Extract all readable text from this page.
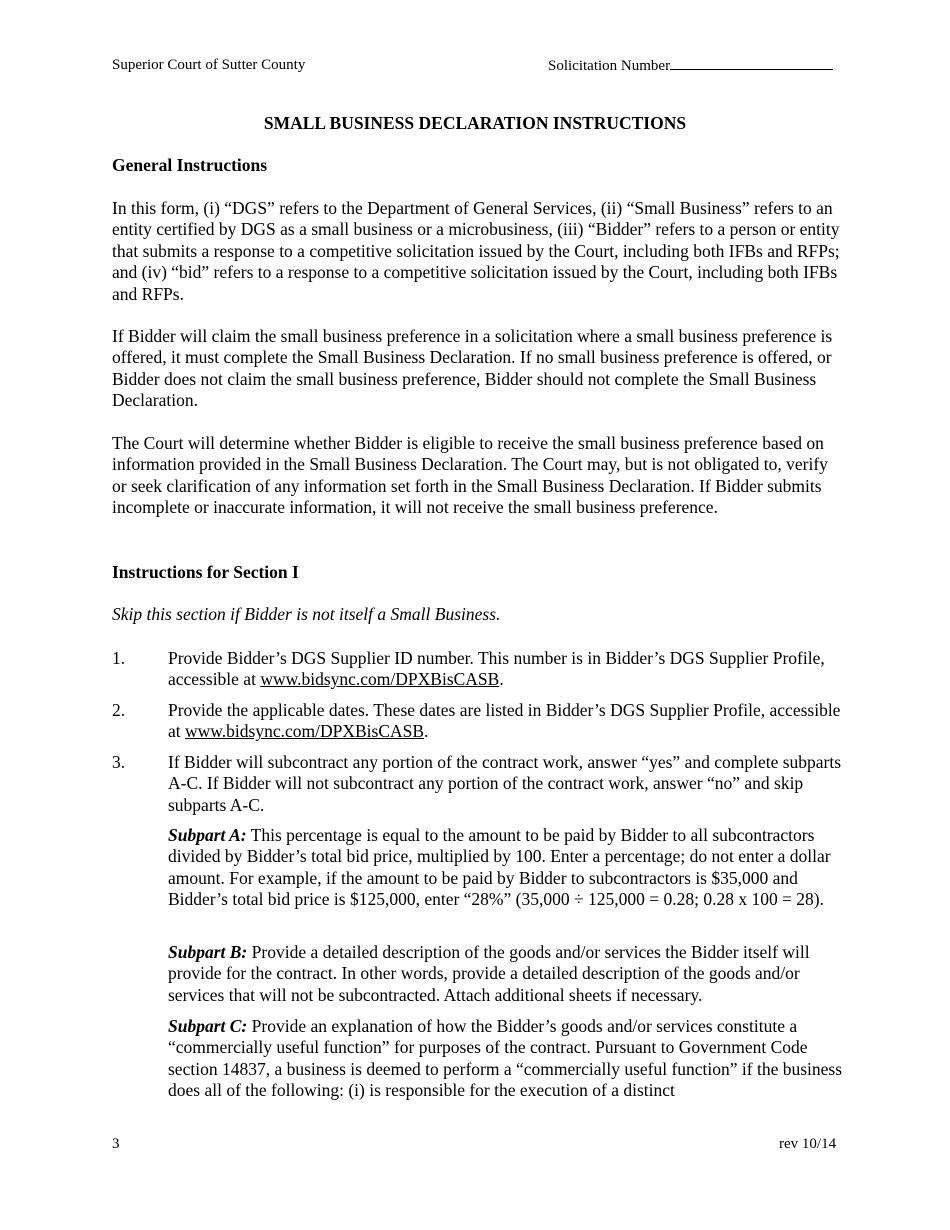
Superior Court of Sutter County	Solicitation Number
SMALL BUSINESS DECLARATION INSTRUCTIONS
General Instructions
In this form, (i) “DGS” refers to the Department of General Services, (ii) “Small Business” refers to an entity certified by DGS as a small business or a microbusiness, (iii) “Bidder” refers to a person or entity that submits a response to a competitive solicitation issued by the Court, including both IFBs and RFPs; and (iv) “bid” refers to a response to a competitive solicitation issued by the Court, including both IFBs and RFPs.
If Bidder will claim the small business preference in a solicitation where a small business preference is offered, it must complete the Small Business Declaration. If no small business preference is offered, or Bidder does not claim the small business preference, Bidder should not complete the Small Business Declaration.
The Court will determine whether Bidder is eligible to receive the small business preference based on information provided in the Small Business Declaration. The Court may, but is not obligated to, verify or seek clarification of any information set forth in the Small Business Declaration. If Bidder submits incomplete or inaccurate information, it will not receive the small business preference.
Instructions for Section I
Skip this section if Bidder is not itself a Small Business.
1. Provide Bidder’s DGS Supplier ID number. This number is in Bidder’s DGS Supplier Profile, accessible at www.bidsync.com/DPXBisCASB.
2. Provide the applicable dates. These dates are listed in Bidder’s DGS Supplier Profile, accessible at www.bidsync.com/DPXBisCASB.
3. If Bidder will subcontract any portion of the contract work, answer “yes” and complete subparts A-C. If Bidder will not subcontract any portion of the contract work, answer “no” and skip subparts A-C.
Subpart A: This percentage is equal to the amount to be paid by Bidder to all subcontractors divided by Bidder’s total bid price, multiplied by 100. Enter a percentage; do not enter a dollar amount. For example, if the amount to be paid by Bidder to subcontractors is $35,000 and Bidder’s total bid price is $125,000, enter “28%” (35,000 ÷ 125,000 = 0.28; 0.28 x 100 = 28).
Subpart B: Provide a detailed description of the goods and/or services the Bidder itself will provide for the contract. In other words, provide a detailed description of the goods and/or services that will not be subcontracted. Attach additional sheets if necessary.
Subpart C: Provide an explanation of how the Bidder’s goods and/or services constitute a “commercially useful function” for purposes of the contract. Pursuant to Government Code section 14837, a business is deemed to perform a “commercially useful function” if the business does all of the following: (i) is responsible for the execution of a distinct
3	rev 10/14
